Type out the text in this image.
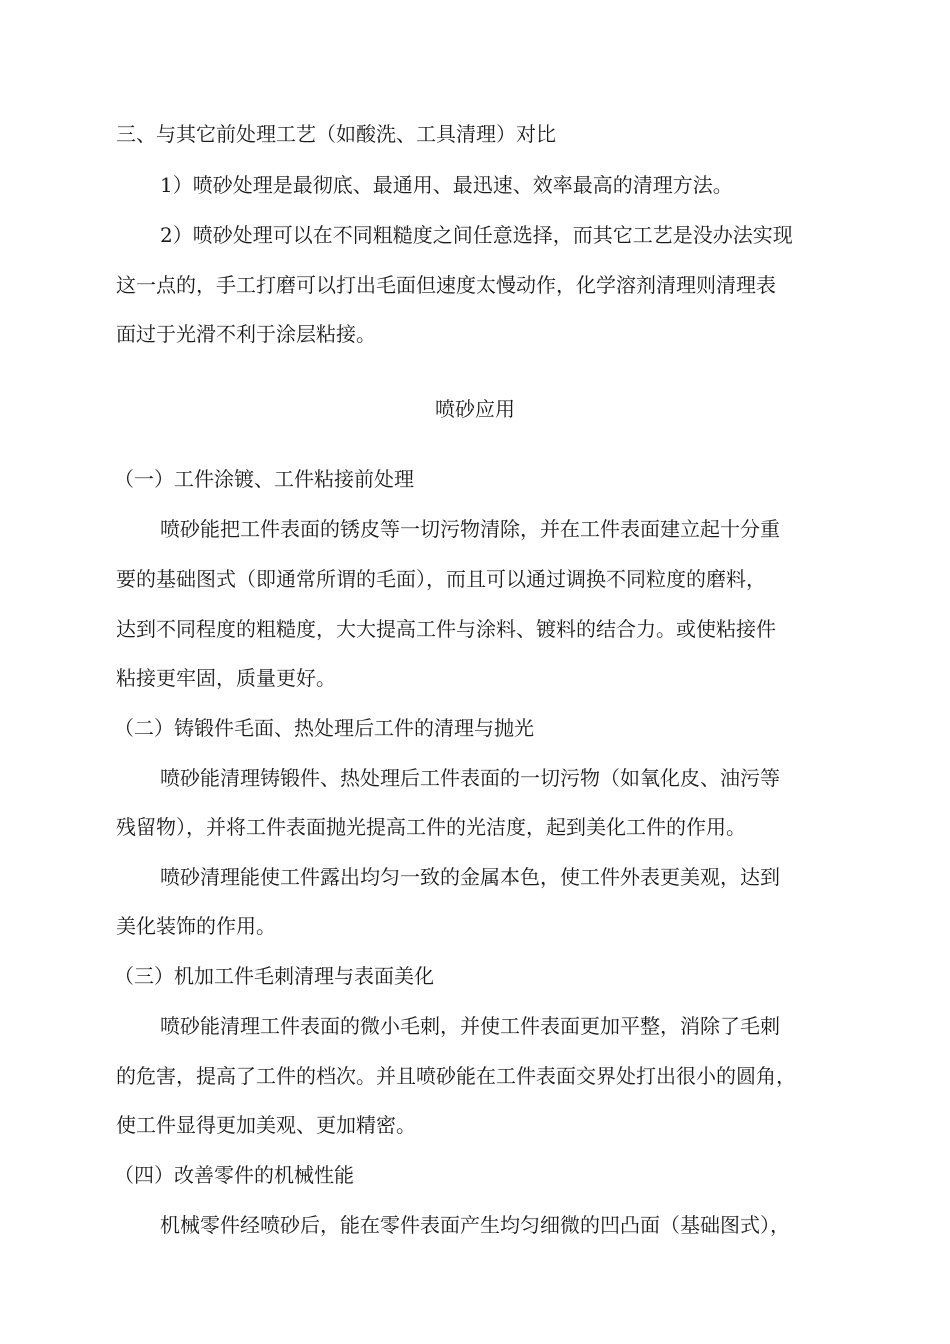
三、与其它前处理工艺（如酸洗、工具清理）对比
1）喷砂处理是最彻底、最通用、最迅速、效率最高的清理方法。
2）喷砂处理可以在不同粗糙度之间任意选择，而其它工艺是没办法实现
这一点的，手工打磨可以打出毛面但速度太慢动作，化学溶剂清理则清理表
面过于光滑不利于涂层粘接。
喷砂应用
（一）工件涂镀、工件粘接前处理
喷砂能把工件表面的锈皮等一切污物清除，并在工件表面建立起十分重
要的基础图式（即通常所谓的毛面），而且可以通过调换不同粒度的磨料，
达到不同程度的粗糙度，大大提高工件与涂料、镀料的结合力。或使粘接件
粘接更牢固，质量更好。
（二）铸锻件毛面、热处理后工件的清理与抛光
喷砂能清理铸锻件、热处理后工件表面的一切污物（如氧化皮、油污等
残留物），并将工件表面抛光提高工件的光洁度，起到美化工件的作用。
喷砂清理能使工件露出均匀一致的金属本色，使工件外表更美观，达到
美化装饰的作用。
（三）机加工件毛刺清理与表面美化
喷砂能清理工件表面的微小毛刺，并使工件表面更加平整，消除了毛刺
的危害，提高了工件的档次。并且喷砂能在工件表面交界处打出很小的圆角，
使工件显得更加美观、更加精密。
（四）改善零件的机械性能
机械零件经喷砂后，能在零件表面产生均匀细微的凹凸面（基础图式），
